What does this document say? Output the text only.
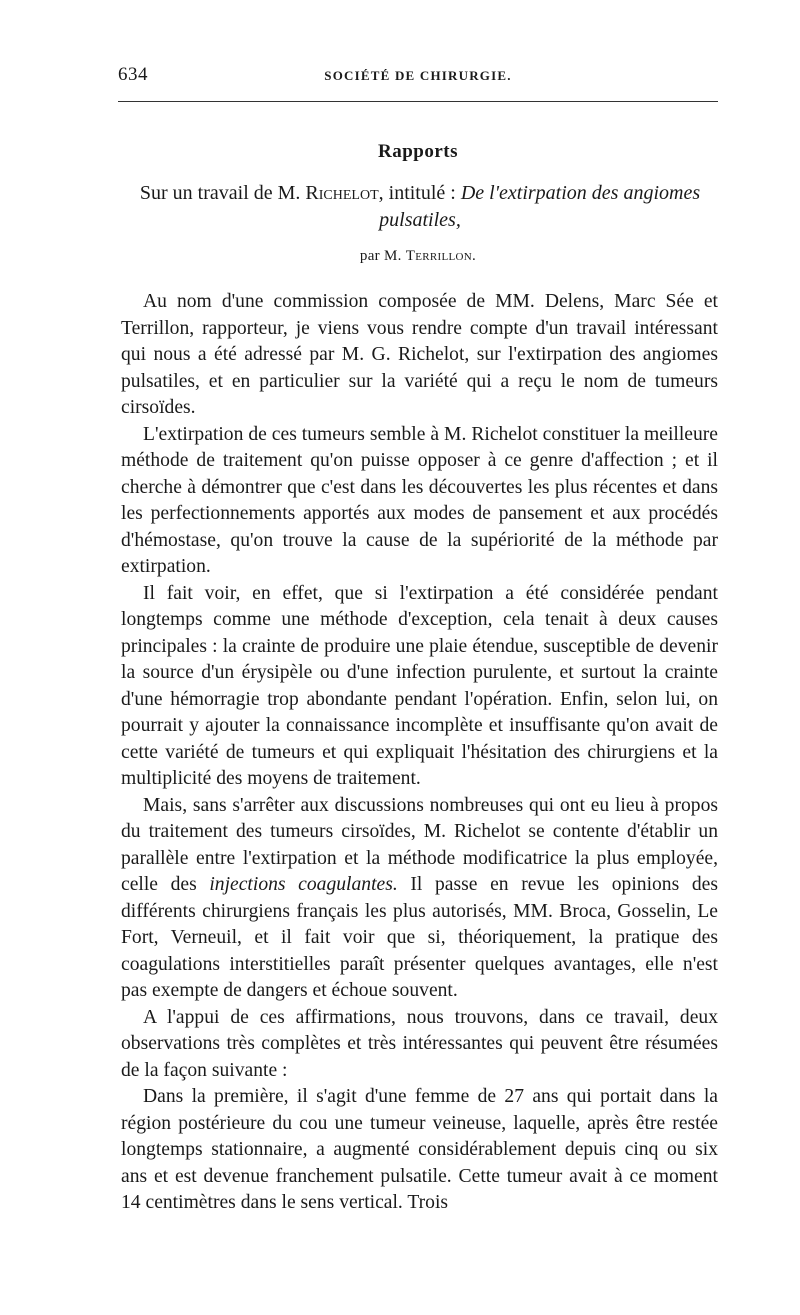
634	SOCIÉTÉ DE CHIRURGIE.
Rapports
Sur un travail de M. Richelot, intitulé : De l'extirpation des angiomes pulsatiles,
par M. Terrillon.

Au nom d'une commission composée de MM. Delens, Marc Sée et Terrillon, rapporteur, je viens vous rendre compte d'un travail intéressant qui nous a été adressé par M. G. Richelot, sur l'extirpation des angiomes pulsatiles, et en particulier sur la variété qui a reçu le nom de tumeurs cirsoïdes.

L'extirpation de ces tumeurs semble à M. Richelot constituer la meilleure méthode de traitement qu'on puisse opposer à ce genre d'affection ; et il cherche à démontrer que c'est dans les découvertes les plus récentes et dans les perfectionnements apportés aux modes de pansement et aux procédés d'hémostase, qu'on trouve la cause de la supériorité de la méthode par extirpation.

Il fait voir, en effet, que si l'extirpation a été considérée pendant longtemps comme une méthode d'exception, cela tenait à deux causes principales : la crainte de produire une plaie étendue, susceptible de devenir la source d'un érysipèle ou d'une infection purulente, et surtout la crainte d'une hémorragie trop abondante pendant l'opération. Enfin, selon lui, on pourrait y ajouter la connaissance incomplète et insuffisante qu'on avait de cette variété de tumeurs et qui expliquait l'hésitation des chirurgiens et la multiplicité des moyens de traitement.

Mais, sans s'arrêter aux discussions nombreuses qui ont eu lieu à propos du traitement des tumeurs cirsoïdes, M. Richelot se contente d'établir un parallèle entre l'extirpation et la méthode modificatrice la plus employée, celle des injections coagulantes. Il passe en revue les opinions des différents chirurgiens français les plus autorisés, MM. Broca, Gosselin, Le Fort, Verneuil, et il fait voir que si, théoriquement, la pratique des coagulations interstitielles paraît présenter quelques avantages, elle n'est pas exempte de dangers et échoue souvent.

A l'appui de ces affirmations, nous trouvons, dans ce travail, deux observations très complètes et très intéressantes qui peuvent être résumées de la façon suivante :

Dans la première, il s'agit d'une femme de 27 ans qui portait dans la région postérieure du cou une tumeur veineuse, laquelle, après être restée longtemps stationnaire, a augmenté considérablement depuis cinq ou six ans et est devenue franchement pulsatile. Cette tumeur avait à ce moment 14 centimètres dans le sens vertical. Trois
